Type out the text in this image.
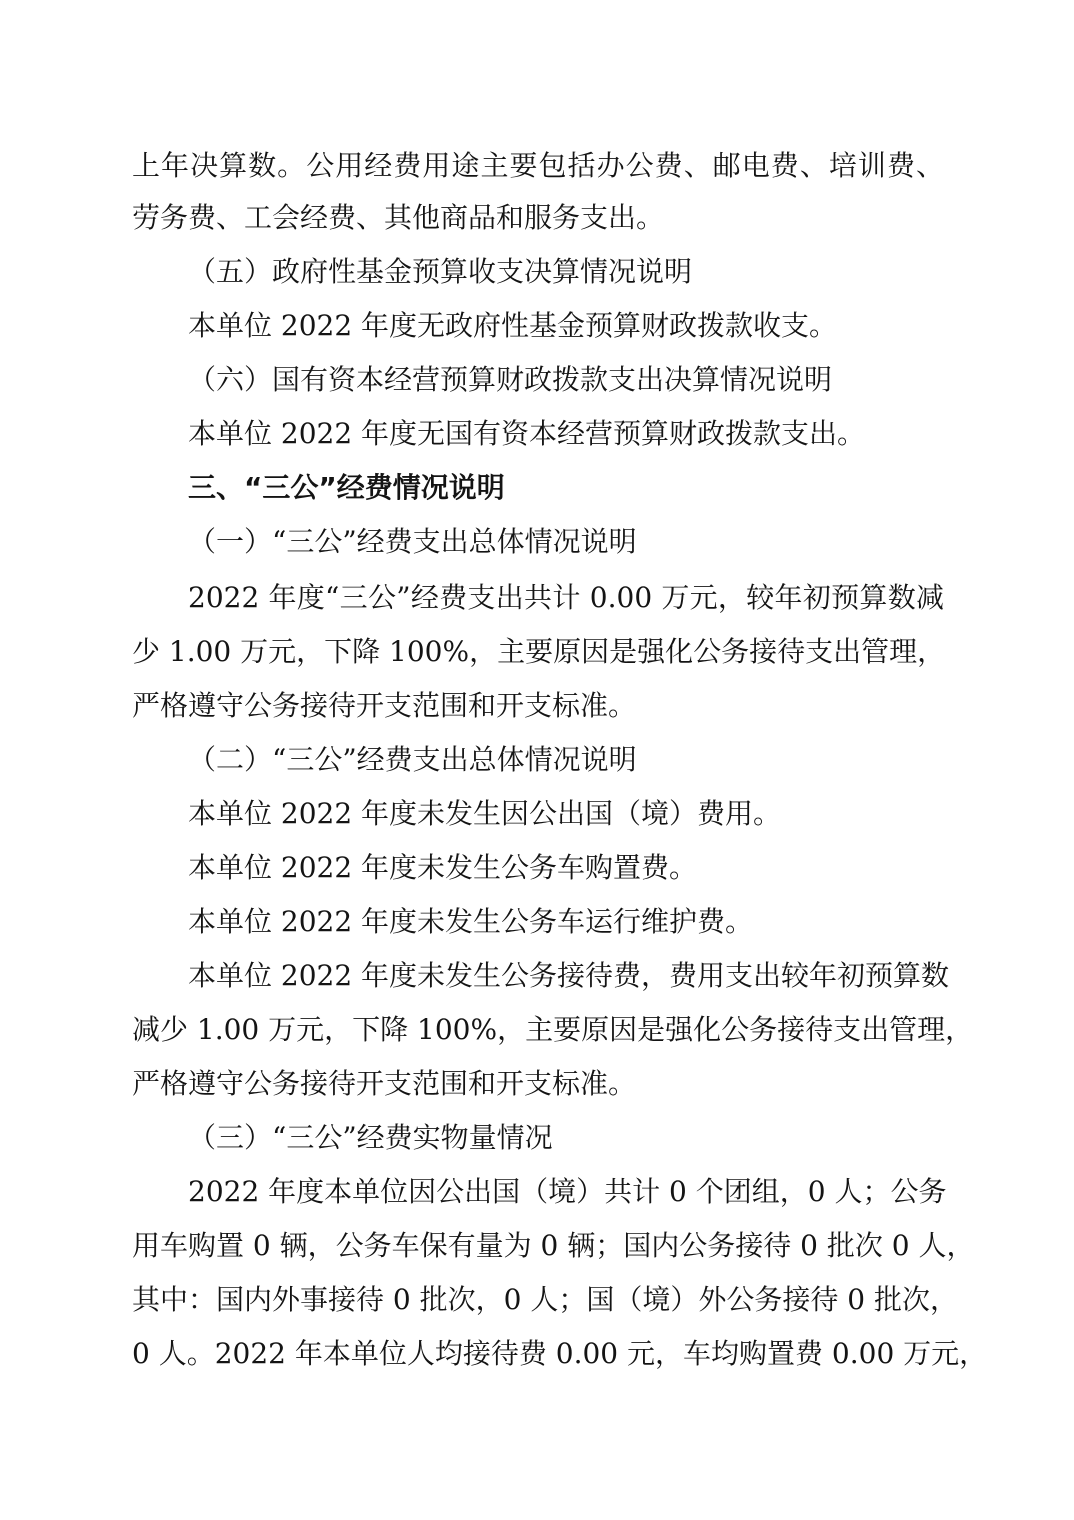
上年决算数。公用经费用途主要包括办公费、邮电费、培训费、
劳务费、工会经费、其他商品和服务支出。
（五）政府性基金预算收支决算情况说明
本单位 2022 年度无政府性基金预算财政拨款收支。
（六）国有资本经营预算财政拨款支出决算情况说明
本单位 2022 年度无国有资本经营预算财政拨款支出。
三、“三公”经费情况说明
（一）“三公”经费支出总体情况说明
2022 年度“三公”经费支出共计 0.00 万元，较年初预算数减
少 1.00 万元，下降 100%，主要原因是强化公务接待支出管理，
严格遵守公务接待开支范围和开支标准。
（二）“三公”经费支出总体情况说明
本单位 2022 年度未发生因公出国（境）费用。
本单位 2022 年度未发生公务车购置费。
本单位 2022 年度未发生公务车运行维护费。
本单位 2022 年度未发生公务接待费，费用支出较年初预算数
减少 1.00 万元，下降 100%，主要原因是强化公务接待支出管理，
严格遵守公务接待开支范围和开支标准。
（三）“三公”经费实物量情况
2022 年度本单位因公出国（境）共计 0 个团组，0 人；公务
用车购置 0 辆，公务车保有量为 0 辆；国内公务接待 0 批次 0 人，
其中：国内外事接待 0 批次，0 人；国（境）外公务接待 0 批次，
0 人。2022 年本单位人均接待费 0.00 元，车均购置费 0.00 万元，
